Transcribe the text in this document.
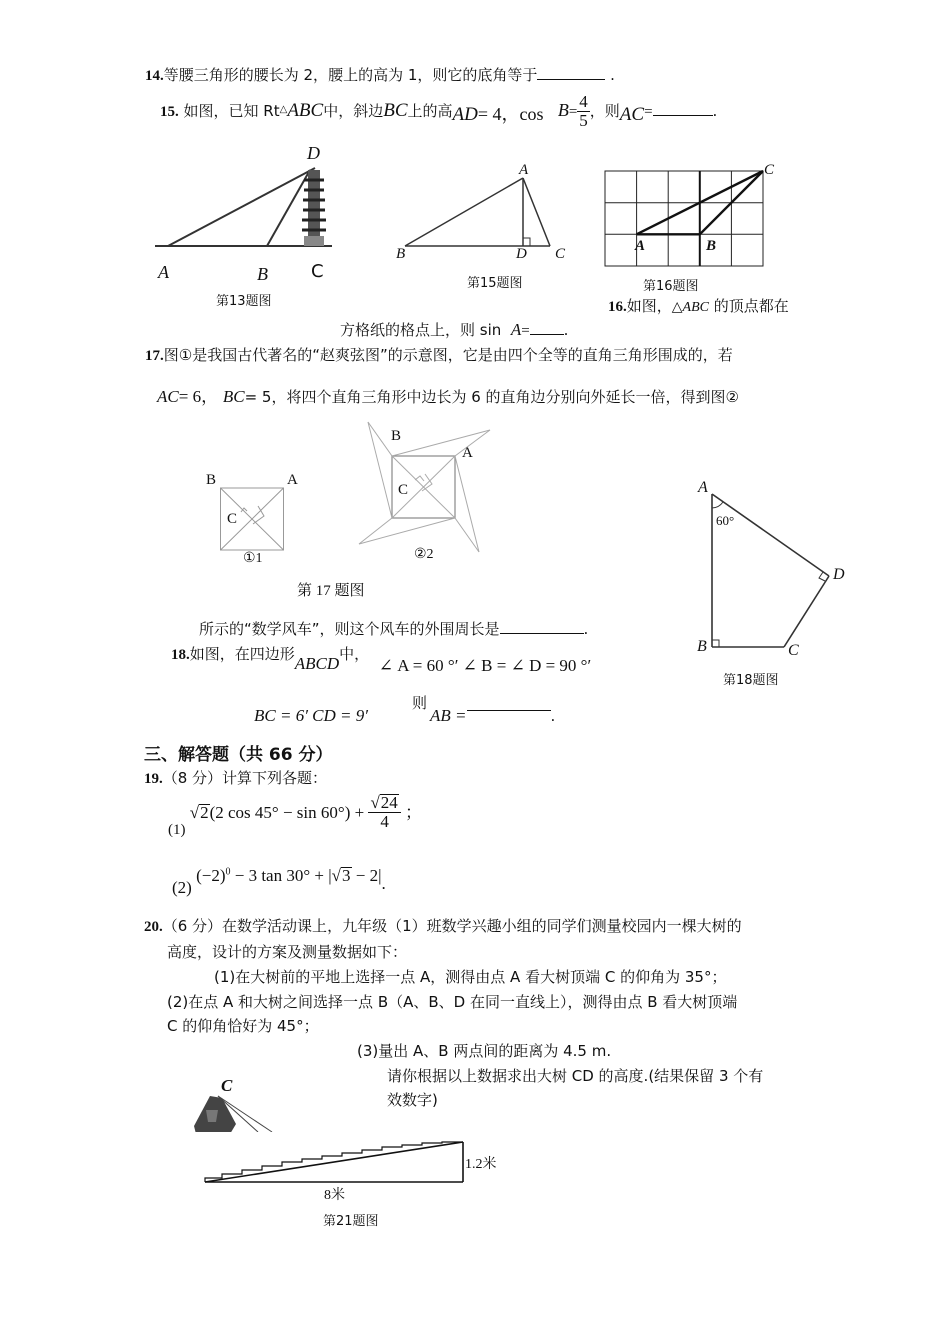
14.等腰三角形的腰长为 2，腰上的高为 1，则它的底角等于	.
15. 如图，已知 Rt△ABC中，斜边BC上的高AD= 4，$\cos B= \frac{4}{5}$ ，则AC=	.
A	B C
D
第13题图
A
B	D C
第15题图
A	B
C
第16题图
16.如图，△ABC 的顶点都在
方格纸的格点上，则 sin A= .
17.图①是我国古代著名的“赵爽弦图”的示意图，它是由四个全等的直角三角形围成的，若
AC= 6， BC= 5，将四个直角三角形中边长为 6 的直角边分别向外延长一倍，得到图②
B	A
C
①1
B
A
C
②2
第 17 题图
A
60°
D
B	C
第18题图
所示的“数学风车”，则这个风车的外围周长是	.
18.如图，在四边形ABCD中，  ∠ A = 60 °′ ∠ B = ∠ D = 90 °′
BC = 6′ CD = 9′
则
AB =	.
三、解答题（共 66 分）
19.（8 分）计算下列各题：
(1) √2(2 $\cos 45^\circ - \sin 60^\circ) + \frac{√24}{4}$ ；
(2) $(-2)^0 - 3$ tan 30° + |√3 − 2|.
20.（6 分）在数学活动课上，九年级（1）班数学兴趣小组的同学们测量校园内一棵大树的
高度，设计的方案及测量数据如下：
(1)在大树前的平地上选择一点 A，测得由点 A 看大树顶端 C 的仰角为 35°；
(2)在点 A 和大树之间选择一点 B（A、B、D 在同一直线上），测得由点 B 看大树顶端
C 的仰角恰好为 45°；
(3)量出 A、B 两点间的距离为 4.5 m.
请你根据以上数据求出大树 CD 的高度.(结果保留 3 个有
效数字)
C
1.2米
8米
第21题图
